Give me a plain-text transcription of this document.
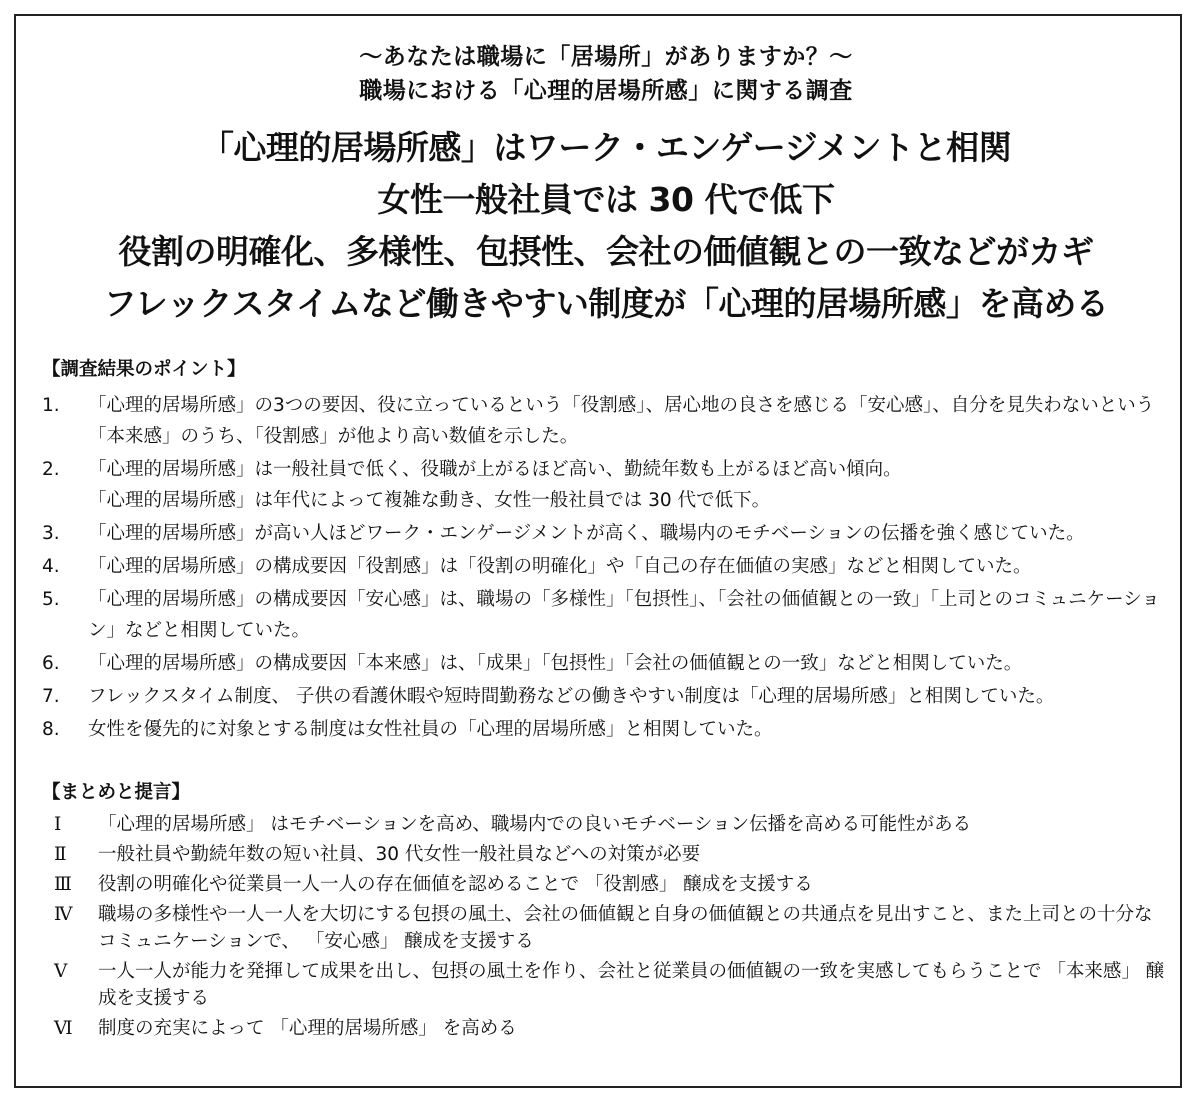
〜あなたは職場に「居場所」がありますか？〜
職場における「心理的居場所感」に関する調査
「心理的居場所感」はワーク・エンゲージメントと相関
女性一般社員では 30 代で低下
役割の明確化、多様性、包摂性、会社の価値観との一致などがカギ
フレックスタイムなど働きやすい制度が「心理的居場所感」を高める
【調査結果のポイント】
1.	「心理的居場所感」の3つの要因、役に立っているという「役割感」、居心地の良さを感じる「安心感」、自分を見失わないという「本来感」のうち、「役割感」が他より高い数値を示した。
2.	「心理的居場所感」は一般社員で低く、役職が上がるほど高い、勤続年数も上がるほど高い傾向。
「心理的居場所感」は年代によって複雑な動き、女性一般社員では 30 代で低下。
3.	「心理的居場所感」が高い人ほどワーク・エンゲージメントが高く、職場内のモチベーションの伝播を強く感じていた。
4.	「心理的居場所感」の構成要因「役割感」は「役割の明確化」や「自己の存在価値の実感」などと相関していた。
5.	「心理的居場所感」の構成要因「安心感」は、職場の「多様性」「包摂性」、「会社の価値観との一致」「上司とのコミュニケーション」などと相関していた。
6.	「心理的居場所感」の構成要因「本来感」は、「成果」「包摂性」「会社の価値観との一致」などと相関していた。
7.	フレックスタイム制度、 子供の看護休暇や短時間勤務などの働きやすい制度は「心理的居場所感」と相関していた。
8.	女性を優先的に対象とする制度は女性社員の「心理的居場所感」と相関していた。
【まとめと提言】
Ⅰ	「心理的居場所感」 はモチベーションを高め、職場内での良いモチベーション伝播を高める可能性がある
Ⅱ	一般社員や勤続年数の短い社員、30 代女性一般社員などへの対策が必要
Ⅲ	役割の明確化や従業員一人一人の存在価値を認めることで 「役割感」 醸成を支援する
Ⅳ	職場の多様性や一人一人を大切にする包摂の風土、会社の価値観と自身の価値観との共通点を見出すこと、また上司との十分なコミュニケーションで、 「安心感」 醸成を支援する
Ⅴ	一人一人が能力を発揮して成果を出し、包摂の風土を作り、会社と従業員の価値観の一致を実感してもらうことで 「本来感」 醸成を支援する
Ⅵ	制度の充実によって 「心理的居場所感」 を高める
